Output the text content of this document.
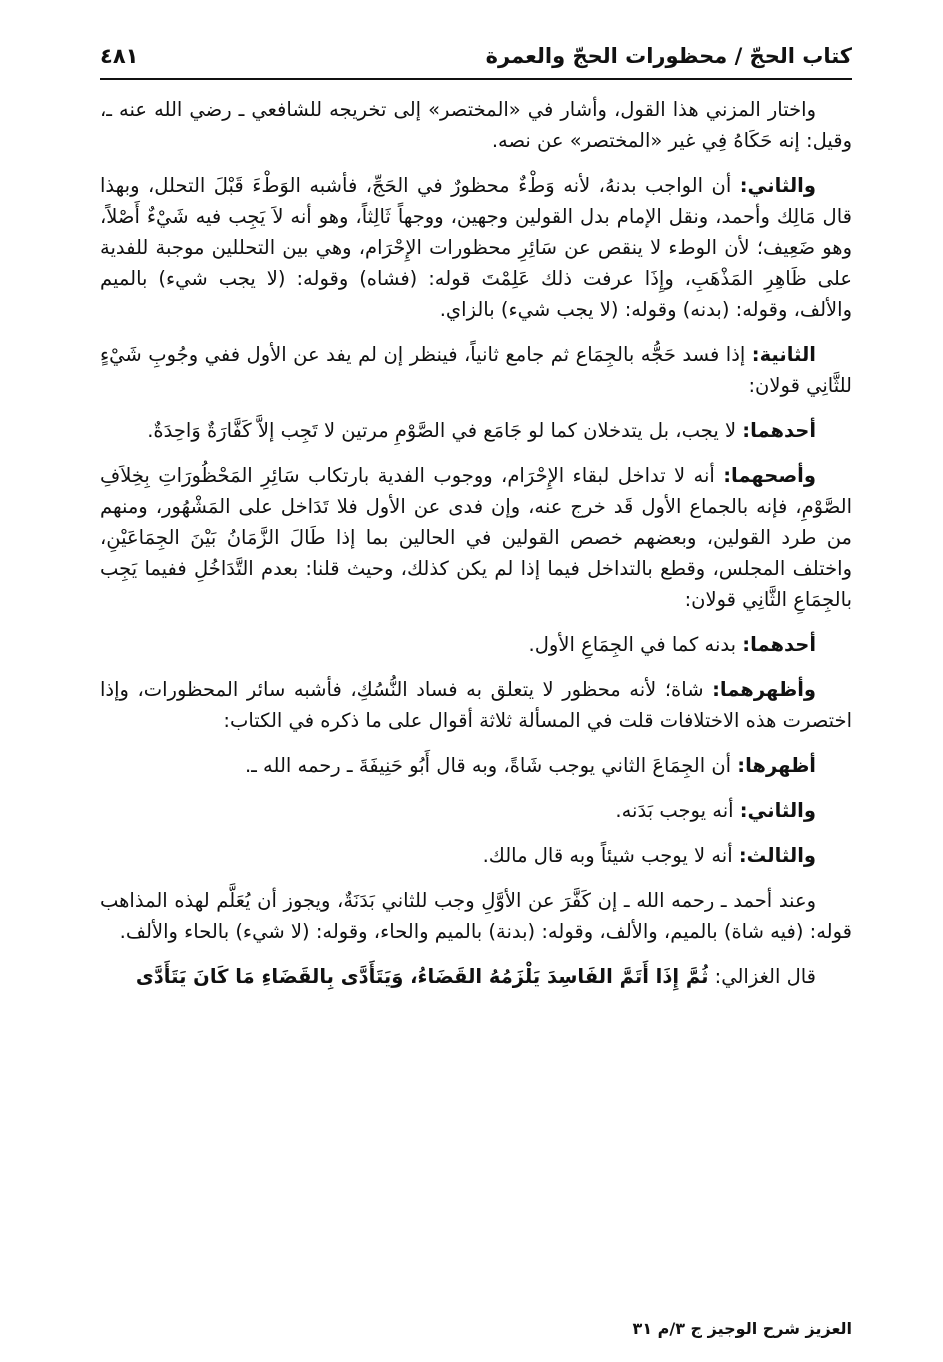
كتاب الحجّ / محظورات الحجّ والعمرة
٤٨١

واختار المزني هذا القول، وأشار في «المختصر» إلى تخريجه للشافعي ـ رضي الله عنه ـ، وقيل: إنه حَكَاهُ فِي غير «المختصر» عن نصه.

والثاني: أن الواجب بدنهُ، لأنه وَطْءٌ محظورٌ في الحَجِّ، فأشبه الوَطْءَ قَبْلَ التحلل، وبهذا قال مَالِك وأحمد، ونقل الإمام بدل القولين وجهين، ووجهاً ثَالِثاً، وهو أنه لاَ يَجِب فيه شَيْءٌ أَصْلاً، وهو ضَعِيف؛ لأن الوطء لا ينقص عن سَائِرِ محظورات الإِحْرَام، وهي بين التحللين موجبة للفدية على ظَاهِرِ المَذْهَبِ، وإِذَا عرفت ذلك عَلِمْتَ قوله: (فشاه) وقوله: (لا يجب شيء) بالميم والألف، وقوله: (بدنه) وقوله: (لا يجب شيء) بالزاي.

الثانية: إذا فسد حَجُّه بالجِمَاع ثم جامع ثانياً، فينظر إن لم يفد عن الأول ففي وجُوبِ شَيْءٍ للثَّانِي قولان:

أحدهما: لا يجب، بل يتدخلان كما لو جَامَع في الصَّوْمِ مرتين لا تَجِب إلاَّ كَفَّارَةٌ وَاحِدَةٌ.

وأصحهما: أنه لا تداخل لبقاء الإِحْرَام، ووجوب الفدية بارتكاب سَائِرِ المَحْظُورَاتِ بِخِلاَفِ الصَّوْمِ، فإنه بالجماع الأول قَد خرج عنه، وإن فدى عن الأول فلا تَدَاخل على المَشْهُور، ومنهم من طرد القولين، وبعضهم خصص القولين في الحالين بما إذا طَالَ الزَّمَانُ بَيْنَ الجِمَاعَيْنِ، واختلف المجلس، وقطع بالتداخل فيما إذا لم يكن كذلك، وحيث قلنا: بعدم التَّدَاخُلِ ففيما يَجِب بالجِمَاعِ الثَّانِي قولان:

أحدهما: بدنه كما في الجِمَاعِ الأول.

وأظهرهما: شاة؛ لأنه محظور لا يتعلق به فساد النُّسُكِ، فأشبه سائر المحظورات، وإذا اختصرت هذه الاختلافات قلت في المسألة ثلاثة أقوال على ما ذكره في الكتاب:

أظهرها: أن الجِمَاعَ الثاني يوجب شَاةً، وبه قال أَبُو حَنِيفَةَ ـ رحمه الله ـ.

والثاني: أنه يوجب بَدَنه.

والثالث: أنه لا يوجب شيئاً وبه قال مالك.

وعند أحمد ـ رحمه الله ـ إن كَفَّرَ عن الأوَّلِ وجب للثاني بَدَنَةٌ، ويجوز أن يُعَلَّم لهذه المذاهب قوله: (فيه شاة) بالميم، والألف، وقوله: (بدنة) بالميم والحاء، وقوله: (لا شيء) بالحاء والألف.

قال الغزالي: ثُمَّ إِذَا أَتَمَّ الفَاسِدَ يَلْزَمُهُ القَضَاءُ، وَيَتَأَدَّى بِالقَضَاءِ مَا كَانَ يَتَأَدَّى

العزيز شرح الوجيز ج ٣/م ٣١
